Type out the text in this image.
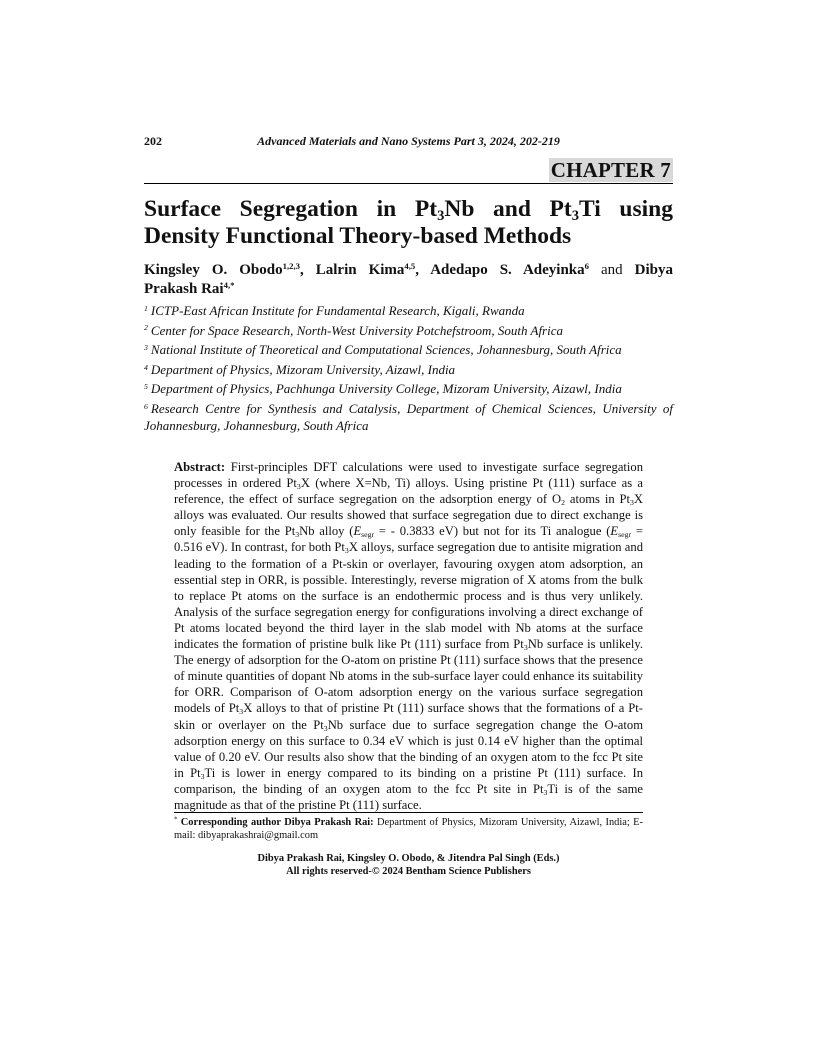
202	Advanced Materials and Nano Systems Part 3, 2024, 202-219
CHAPTER 7
Surface Segregation in $Pt_3Nb$ and $Pt_3Ti$ using
Density Functional Theory-based Methods

Kingsley O. Obodo$^{1,2,3}$, Lalrin Kima$^{4,5}$, Adedapo S. Adeyinka$^6$ and Dibya
Prakash Rai$^{4,*}$

$^1$ ICTP-East African Institute for Fundamental Research, Kigali, Rwanda

$^2$ Center for Space Research, North-West University Potchefstroom, South Africa

$^3$ National Institute of Theoretical and Computational Sciences, Johannesburg, South Africa

$^4$ Department of Physics, Mizoram University, Aizawl, India

$^5$ Department of Physics, Pachhunga University College, Mizoram University, Aizawl, India

$^6$ Research Centre for Synthesis and Catalysis, Department of Chemical Sciences, University of Johannesburg, Johannesburg, South Africa

Abstract: First-principles DFT calculations were used to investigate surface segregation processes in ordered $Pt_3X$ (where X=Nb, Ti) alloys. Using pristine Pt (111) surface as a reference, the effect of surface segregation on the adsorption energy of $O_2$ atoms in $Pt_3X$ alloys was evaluated. Our results showed that surface segregation due to direct exchange is only feasible for the $Pt_3Nb$ alloy ($E_{segr}$ = - 0.3833 eV) but not for its Ti analogue ($E_{segr} = 0.516$ eV). In contrast, for both $Pt_3X$ alloys, surface segregation due to antisite migration and leading to the formation of a Pt-skin or overlayer, favouring oxygen atom adsorption, an essential step in ORR, is possible. Interestingly, reverse migration of X atoms from the bulk to replace Pt atoms on the surface is an endothermic process and is thus very unlikely. Analysis of the surface segregation energy for configurations involving a direct exchange of Pt atoms located beyond the third layer in the slab model with Nb atoms at the surface indicates the formation of pristine bulk like Pt (111) surface from $Pt_3Nb$ surface is unlikely. The energy of adsorption for the O-atom on pristine Pt (111) surface shows that the presence of minute quantities of dopant Nb atoms in the sub-surface layer could enhance its suitability for ORR. Comparison of O-atom adsorption energy on the various surface segregation models of $Pt_3X$ alloys to that of pristine Pt (111) surface shows that the formations of a Pt-skin or overlayer on the $Pt_3Nb$ surface due to surface segregation change the O-atom adsorption energy on this surface to 0.34 eV which is just 0.14 eV higher than the optimal value of 0.20 eV. Our results also show that the binding of an oxygen atom to the fcc Pt site in $Pt_3Ti$ is lower in energy compared to its binding on a pristine Pt (111) surface. In comparison, the binding of an oxygen atom to the fcc Pt site in $Pt_3Ti$ is of the same magnitude as that of the pristine Pt (111) surface.

* Corresponding author Dibya Prakash Rai: Department of Physics, Mizoram University, Aizawl, India; E-mail: dibyaprakashrai@gmail.com
Dibya Prakash Rai, Kingsley O. Obodo, & Jitendra Pal Singh (Eds.)
All rights reserved-© 2024 Bentham Science Publishers
